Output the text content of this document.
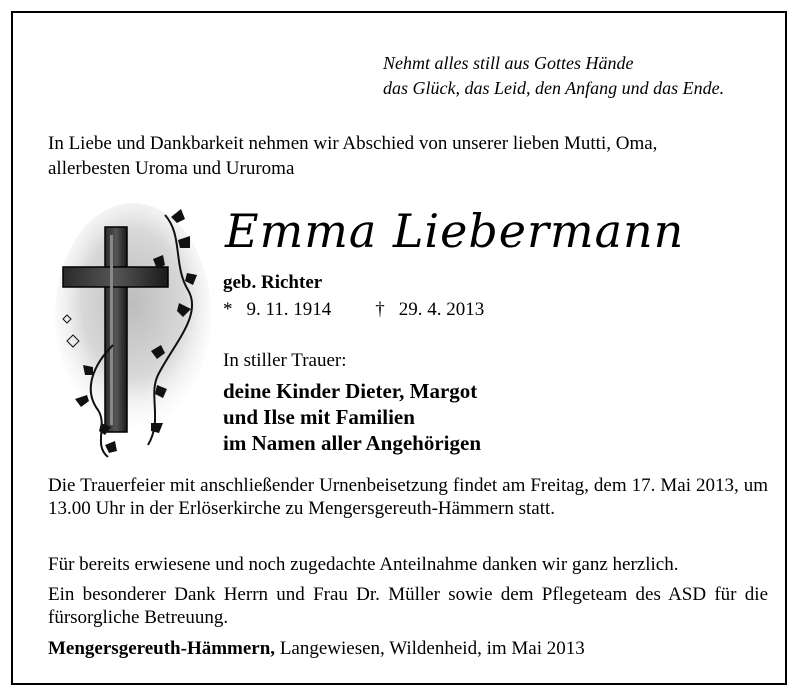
Nehmt alles still aus Gottes Hände
das Glück, das Leid, den Anfang und das Ende.
In Liebe und Dankbarkeit nehmen wir Abschied von unserer lieben Mutti, Oma,
allerbesten Uroma und Ururoma
Emma Liebermann
geb. Richter
* 9. 11. 1914 † 29. 4. 2013
In stiller Trauer:
deine Kinder Dieter, Margot
und Ilse mit Familien
im Namen aller Angehörigen
Die Trauerfeier mit anschließender Urnenbeisetzung findet am Freitag, dem 17. Mai 2013, um 13.00 Uhr in der Erlöserkirche zu Mengersgereuth-Hämmern statt.
Für bereits erwiesene und noch zugedachte Anteilnahme danken wir ganz herzlich.
Ein besonderer Dank Herrn und Frau Dr. Müller sowie dem Pflegeteam des ASD für die fürsorgliche Betreuung.
Mengersgereuth-Hämmern, Langewiesen, Wildenheid, im Mai 2013
